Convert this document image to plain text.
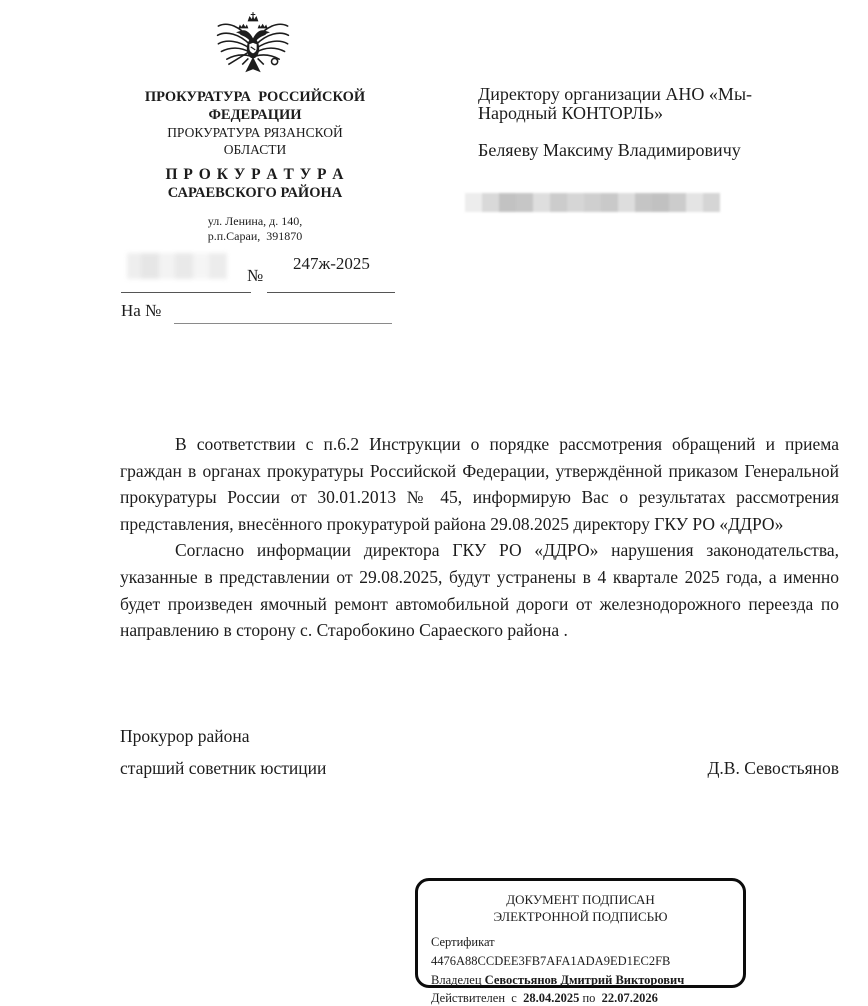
ПРОКУРАТУРА  РОССИЙСКОЙ
ФЕДЕРАЦИИ
ПРОКУРАТУРА РЯЗАНСКОЙ
ОБЛАСТИ
П Р О К У Р А Т У Р А
САРАЕВСКОГО РАЙОНА
ул. Ленина, д. 140,
р.п.Сараи,  391870
№
247ж-2025
На №
Директору организации АНО «Мы-Народный КОНТОРЛЬ»
Беляеву Максиму Владимировичу

В соответствии с п.6.2 Инструкции о порядке рассмотрения обращений и приема граждан в органах прокуратуры Российской Федерации, утверждённой приказом Генеральной прокуратуры России от 30.01.2013 № 45, информирую Вас о результатах рассмотрения представления, внесённого прокуратурой района 29.08.2025 директору ГКУ РО «ДДРО»

Согласно информации директора ГКУ РО «ДДРО» нарушения законодательства, указанные в представлении от 29.08.2025, будут устранены в 4 квартале 2025 года, а именно будет произведен ямочный ремонт автомобильной дороги от железнодорожного переезда по направлению в сторону с. Старобокино Сараеского района .

Прокурор района
старший советник юстиции	Д.В. Севостьянов
ДОКУМЕНТ ПОДПИСАН
ЭЛЕКТРОННОЙ ПОДПИСЬЮ
Сертификат 4476A88CCDEE3FB7AFA1ADA9ED1EC2FB
Владелец Севостьянов Дмитрий Викторович
Действителен  с 28.04.2025 по 22.07.2026
